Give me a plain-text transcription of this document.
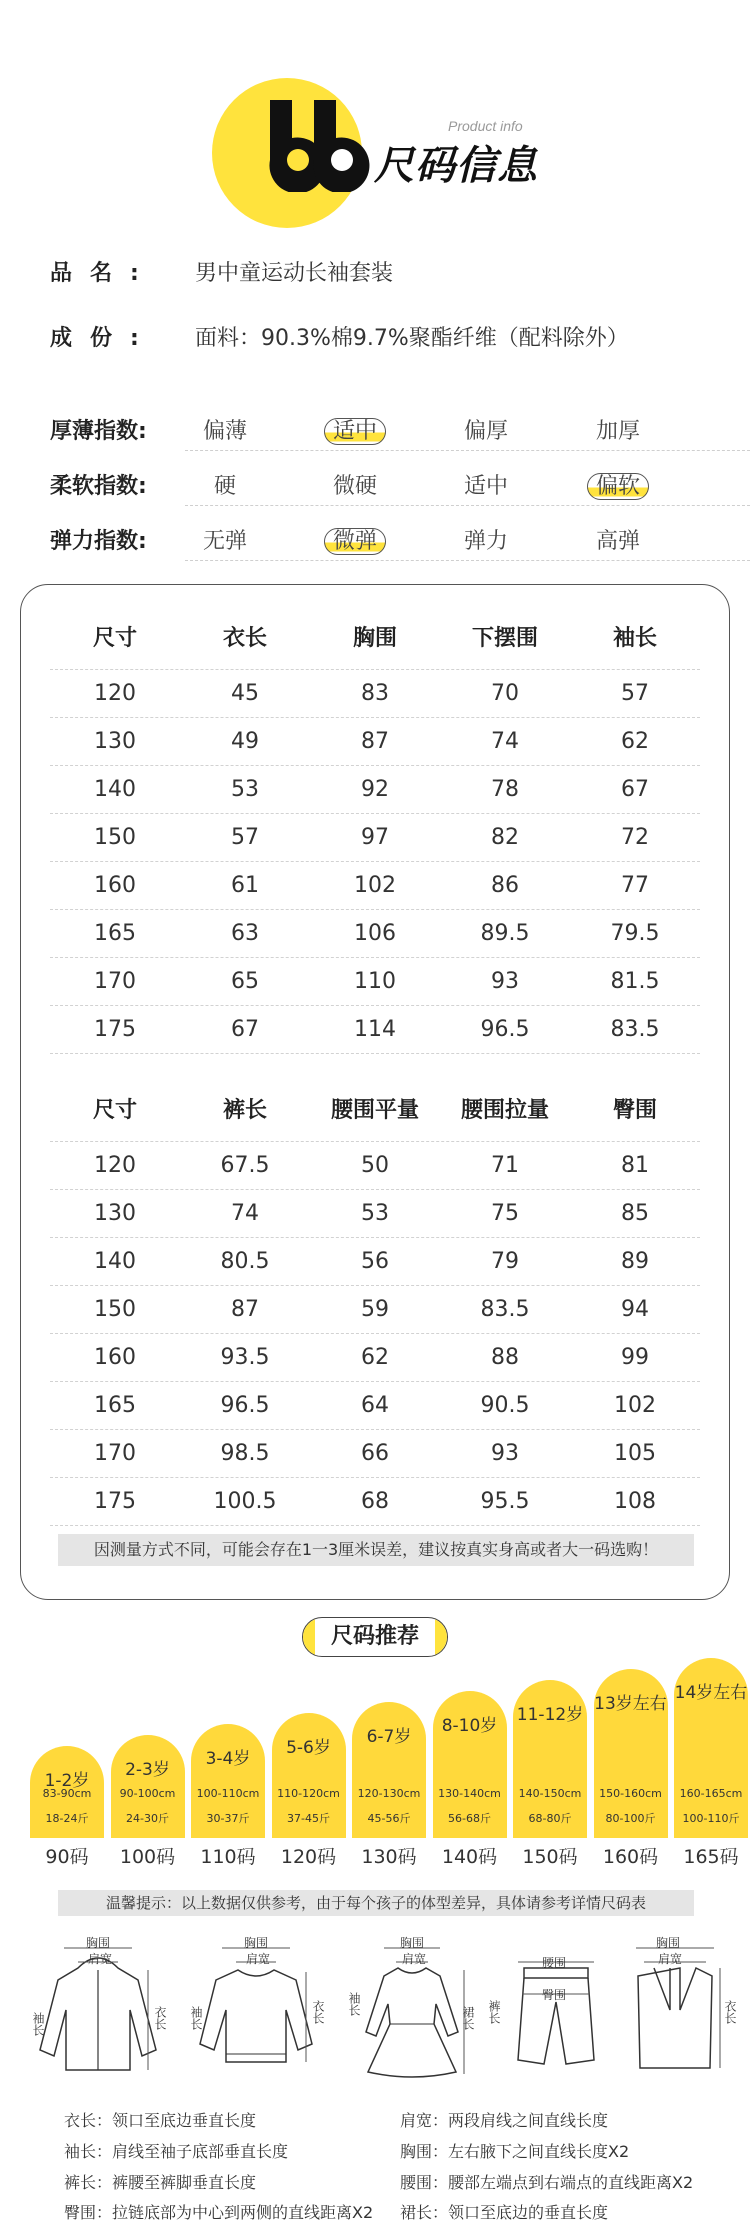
Product info
尺码信息
品名: 男中童运动长袖套装
成份: 面料：90.3%棉9.7%聚酯纤维（配料除外）
厚薄指数:	偏薄	适中	偏厚	加厚
柔软指数:	硬	微硬	适中	偏软
弹力指数:	无弹	微弹	弹力	高弹
尺寸	衣长	胸围	下摆围	袖长
120	45	83	70	57
130	49	87	74	62
140	53	92	78	67
150	57	97	82	72
160	61	102	86	77
165	63	106	89.5	79.5
170	65	110	93	81.5
175	67	114	96.5	83.5
尺寸	裤长	腰围平量	腰围拉量	臀围
120	67.5	50	71	81
130	74	53	75	85
140	80.5	56	79	89
150	87	59	83.5	94
160	93.5	62	88	99
165	96.5	64	90.5	102
170	98.5	66	93	105
175	100.5	68	95.5	108
因测量方式不同，可能会存在1一3厘米误差，建议按真实身高或者大一码选购！
尺码推荐
1-2岁
83-90cm
18-24斤
90码
2-3岁
90-100cm
24-30斤
100码
3-4岁
100-110cm
30-37斤
110码
5-6岁
110-120cm
37-45斤
120码
6-7岁
120-130cm
45-56斤
130码
8-10岁
130-140cm
56-68斤
140码
11-12岁
140-150cm
68-80斤
150码
13岁左右
150-160cm
80-100斤
160码
14岁左右
160-165cm
100-110斤
165码
温馨提示：以上数据仅供参考，由于每个孩子的体型差异，具体请参考详情尺码表
胸围
肩宽
袖长	衣长
胸围
肩宽
袖长	衣长
胸围
肩宽
袖长
裙长
腰围
臀围
裤长
胸围
肩宽
衣长
衣长：领口至底边垂直长度	肩宽：两段肩线之间直线长度
袖长：肩线至袖子底部垂直长度	胸围：左右腋下之间直线长度X2
裤长：裤腰至裤脚垂直长度	腰围：腰部左端点到右端点的直线距离X2
臀围：拉链底部为中心到两侧的直线距离X2 裙长：领口至底边的垂直长度
